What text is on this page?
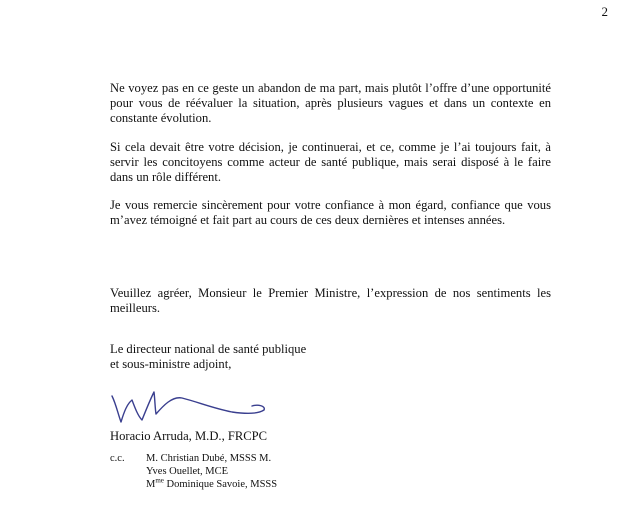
2

Ne voyez pas en ce geste un abandon de ma part, mais plutôt l’offre d’une opportunité pour vous de réévaluer la situation, après plusieurs vagues et dans un contexte en constante évolution.

Si cela devait être votre décision, je continuerai, et ce, comme je l’ai toujours fait, à servir les concitoyens comme acteur de santé publique, mais serai disposé à le faire dans un rôle différent.

Je vous remercie sincèrement pour votre confiance à mon égard, confiance que vous m’avez témoigné et fait part au cours de ces deux dernières et intenses années.

Veuillez agréer, Monsieur le Premier Ministre, l’expression de nos sentiments les meilleurs.

Le directeur national de santé publique
et sous-ministre adjoint,
Horacio Arruda, M.D., FRCPC
c.c. M. Christian Dubé, MSSS M.
Yves Ouellet, MCE
$M^{me}$ Dominique Savoie, MSSS
